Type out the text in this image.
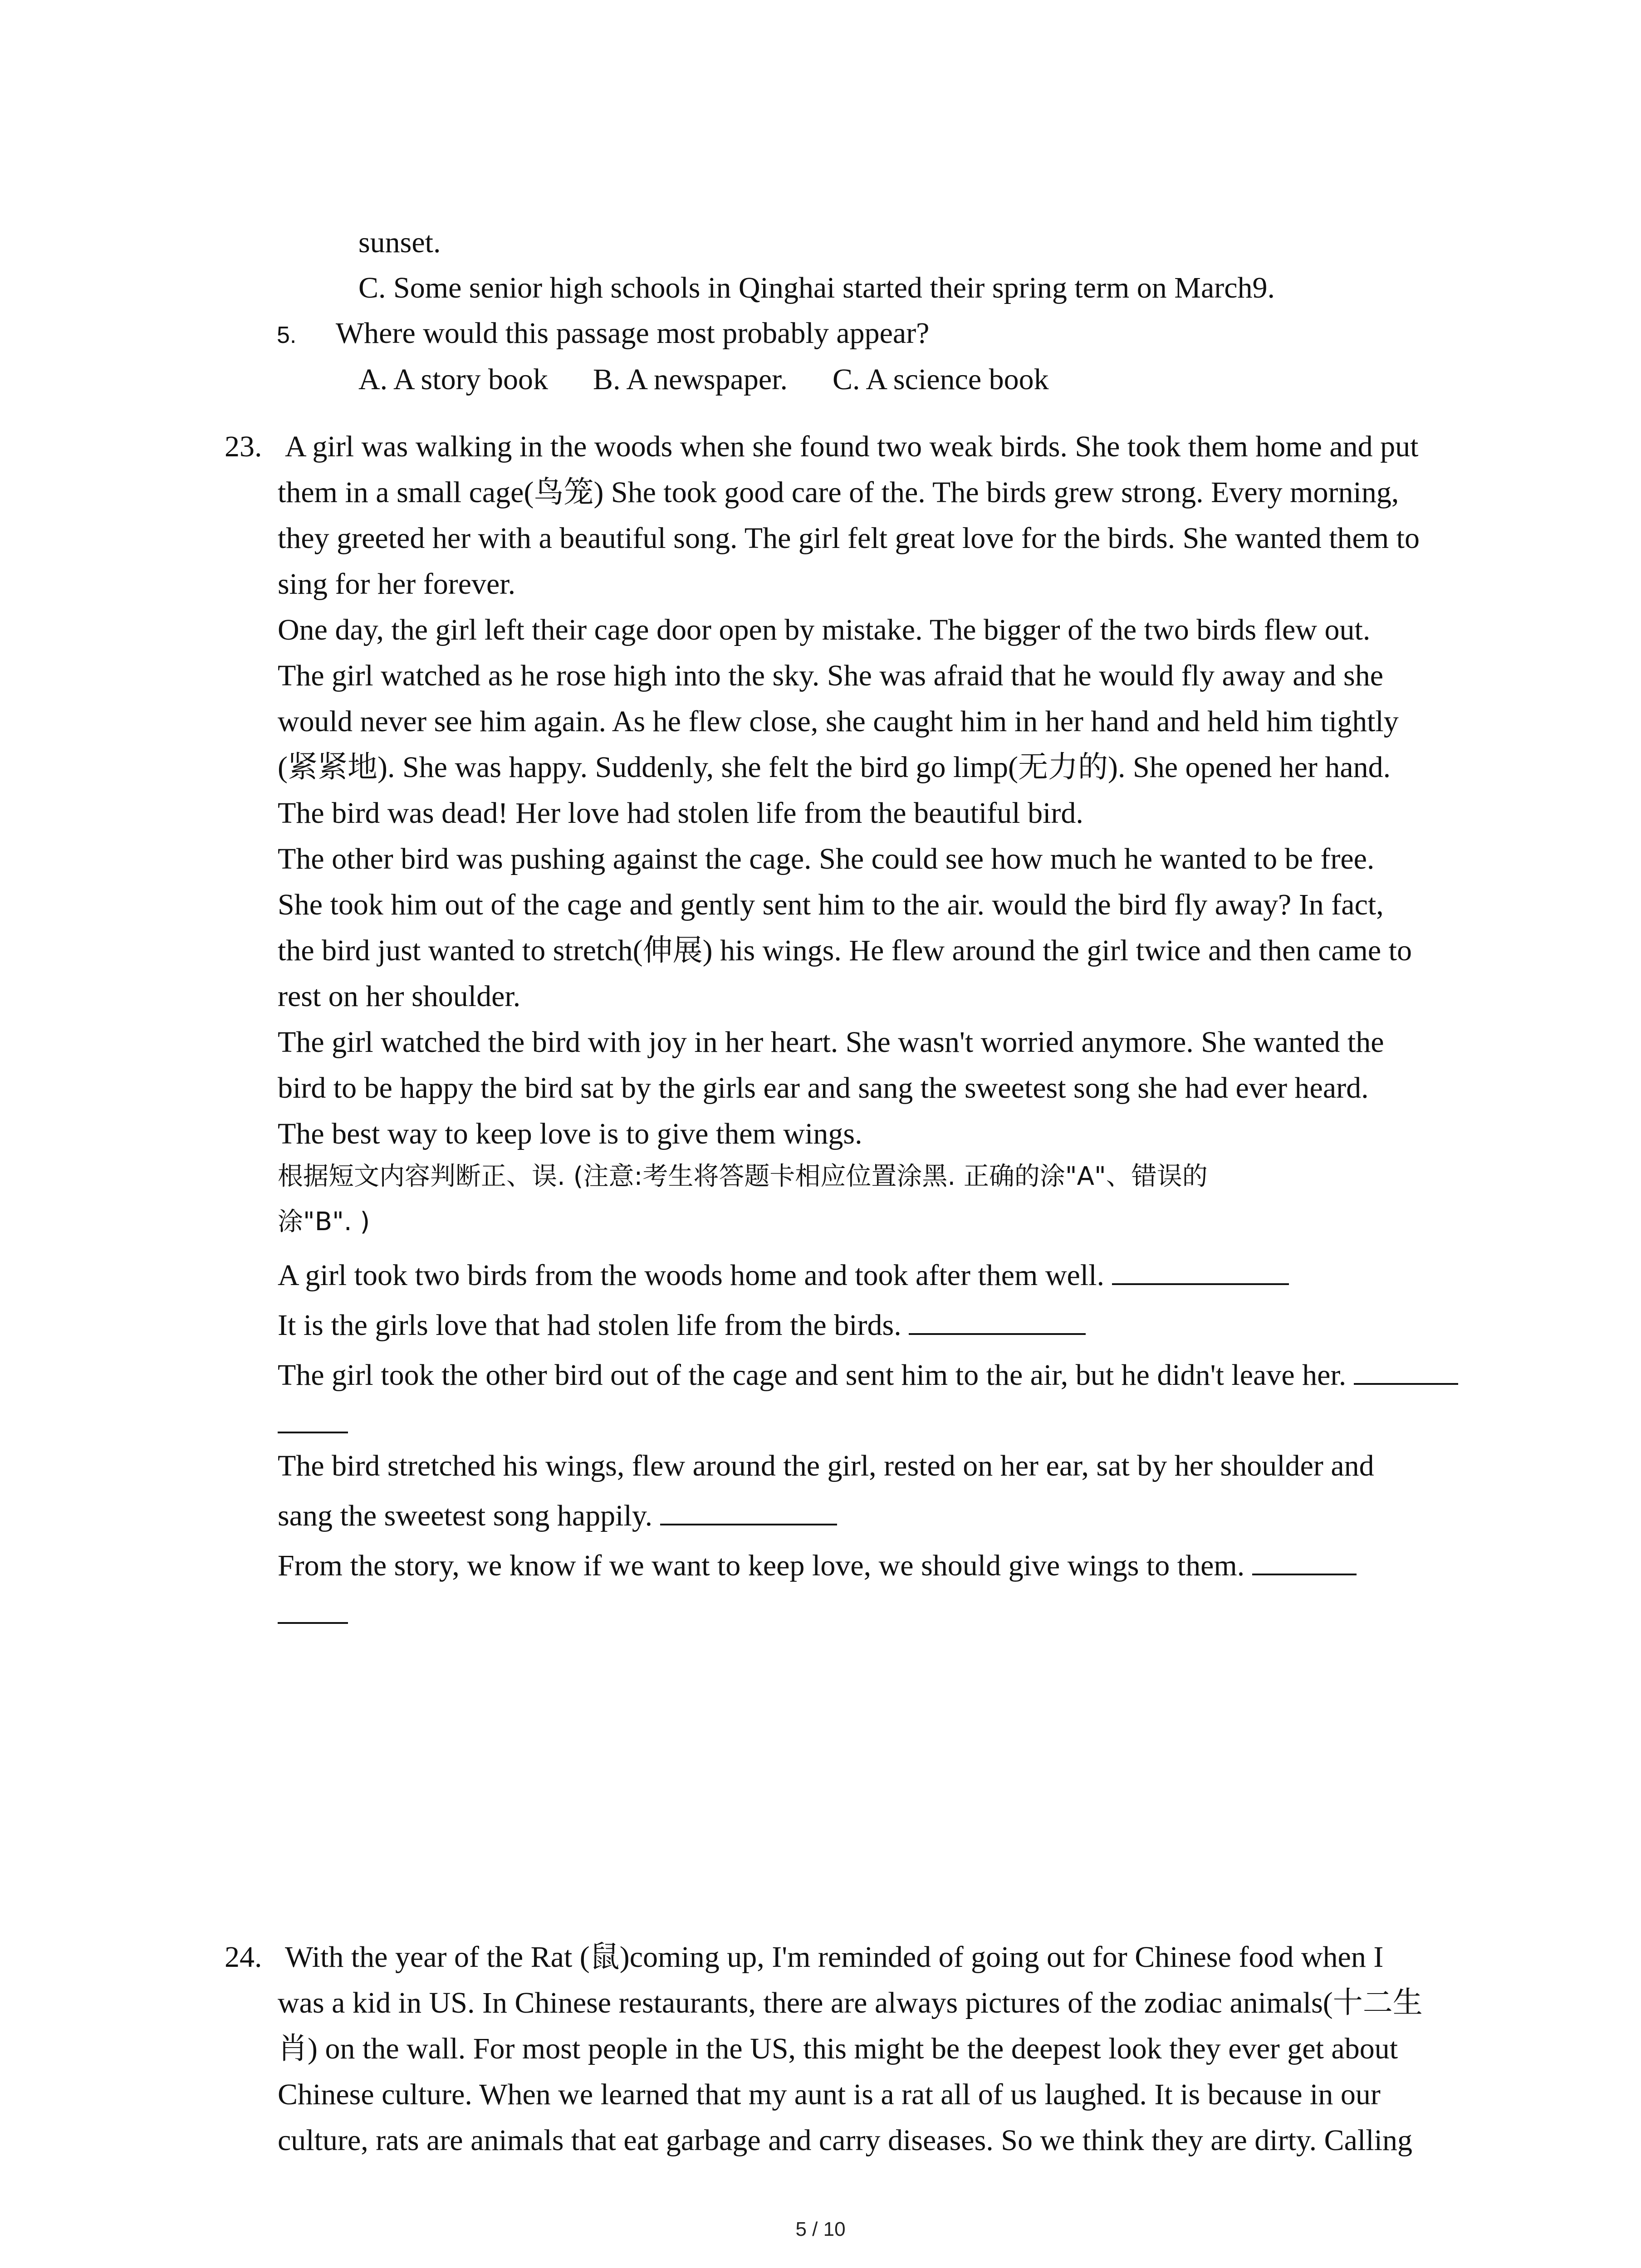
sunset.
C. Some senior high schools in Qinghai started their spring term on March9.
5. Where would this passage most probably appear?
A. A story book      B. A newspaper.      C. A science book
23. A girl was walking in the woods when she found two weak birds. She took them home and put
them in a small cage(鸟笼) She took good care of the. The birds grew strong. Every morning,
they greeted her with a beautiful song. The girl felt great love for the birds. She wanted them to
sing for her forever.
One day, the girl left their cage door open by mistake. The bigger of the two birds flew out.
The girl watched as he rose high into the sky. She was afraid that he would fly away and she
would never see him again. As he flew close, she caught him in her hand and held him tightly
(紧紧地). She was happy. Suddenly, she felt the bird go limp(无力的). She opened her hand.
The bird was dead! Her love had stolen life from the beautiful bird.
The other bird was pushing against the cage. She could see how much he wanted to be free.
She took him out of the cage and gently sent him to the air. would the bird fly away? In fact,
the bird just wanted to stretch(伸展) his wings. He flew around the girl twice and then came to
rest on her shoulder.
The girl watched the bird with joy in her heart. She wasn't worried anymore. She wanted the
bird to be happy the bird sat by the girls ear and sang the sweetest song she had ever heard.
The best way to keep love is to give them wings.
根据短文内容判断正、误. (注意:考生将答题卡相应位置涂黑. 正确的涂"A"、错误的
涂"B". )
A girl took two birds from the woods home and took after them well.
It is the girls love that had stolen life from the birds.
The girl took the other bird out of the cage and sent him to the air, but he didn't leave her.
The bird stretched his wings, flew around the girl, rested on her ear, sat by her shoulder and
sang the sweetest song happily.
From the story, we know if we want to keep love, we should give wings to them.
24. With the year of the Rat (鼠)coming up, I'm reminded of going out for Chinese food when I
was a kid in US. In Chinese restaurants, there are always pictures of the zodiac animals(十二生
肖) on the wall. For most people in the US, this might be the deepest look they ever get about
Chinese culture. When we learned that my aunt is a rat all of us laughed. It is because in our
culture, rats are animals that eat garbage and carry diseases. So we think they are dirty. Calling
5 / 10
